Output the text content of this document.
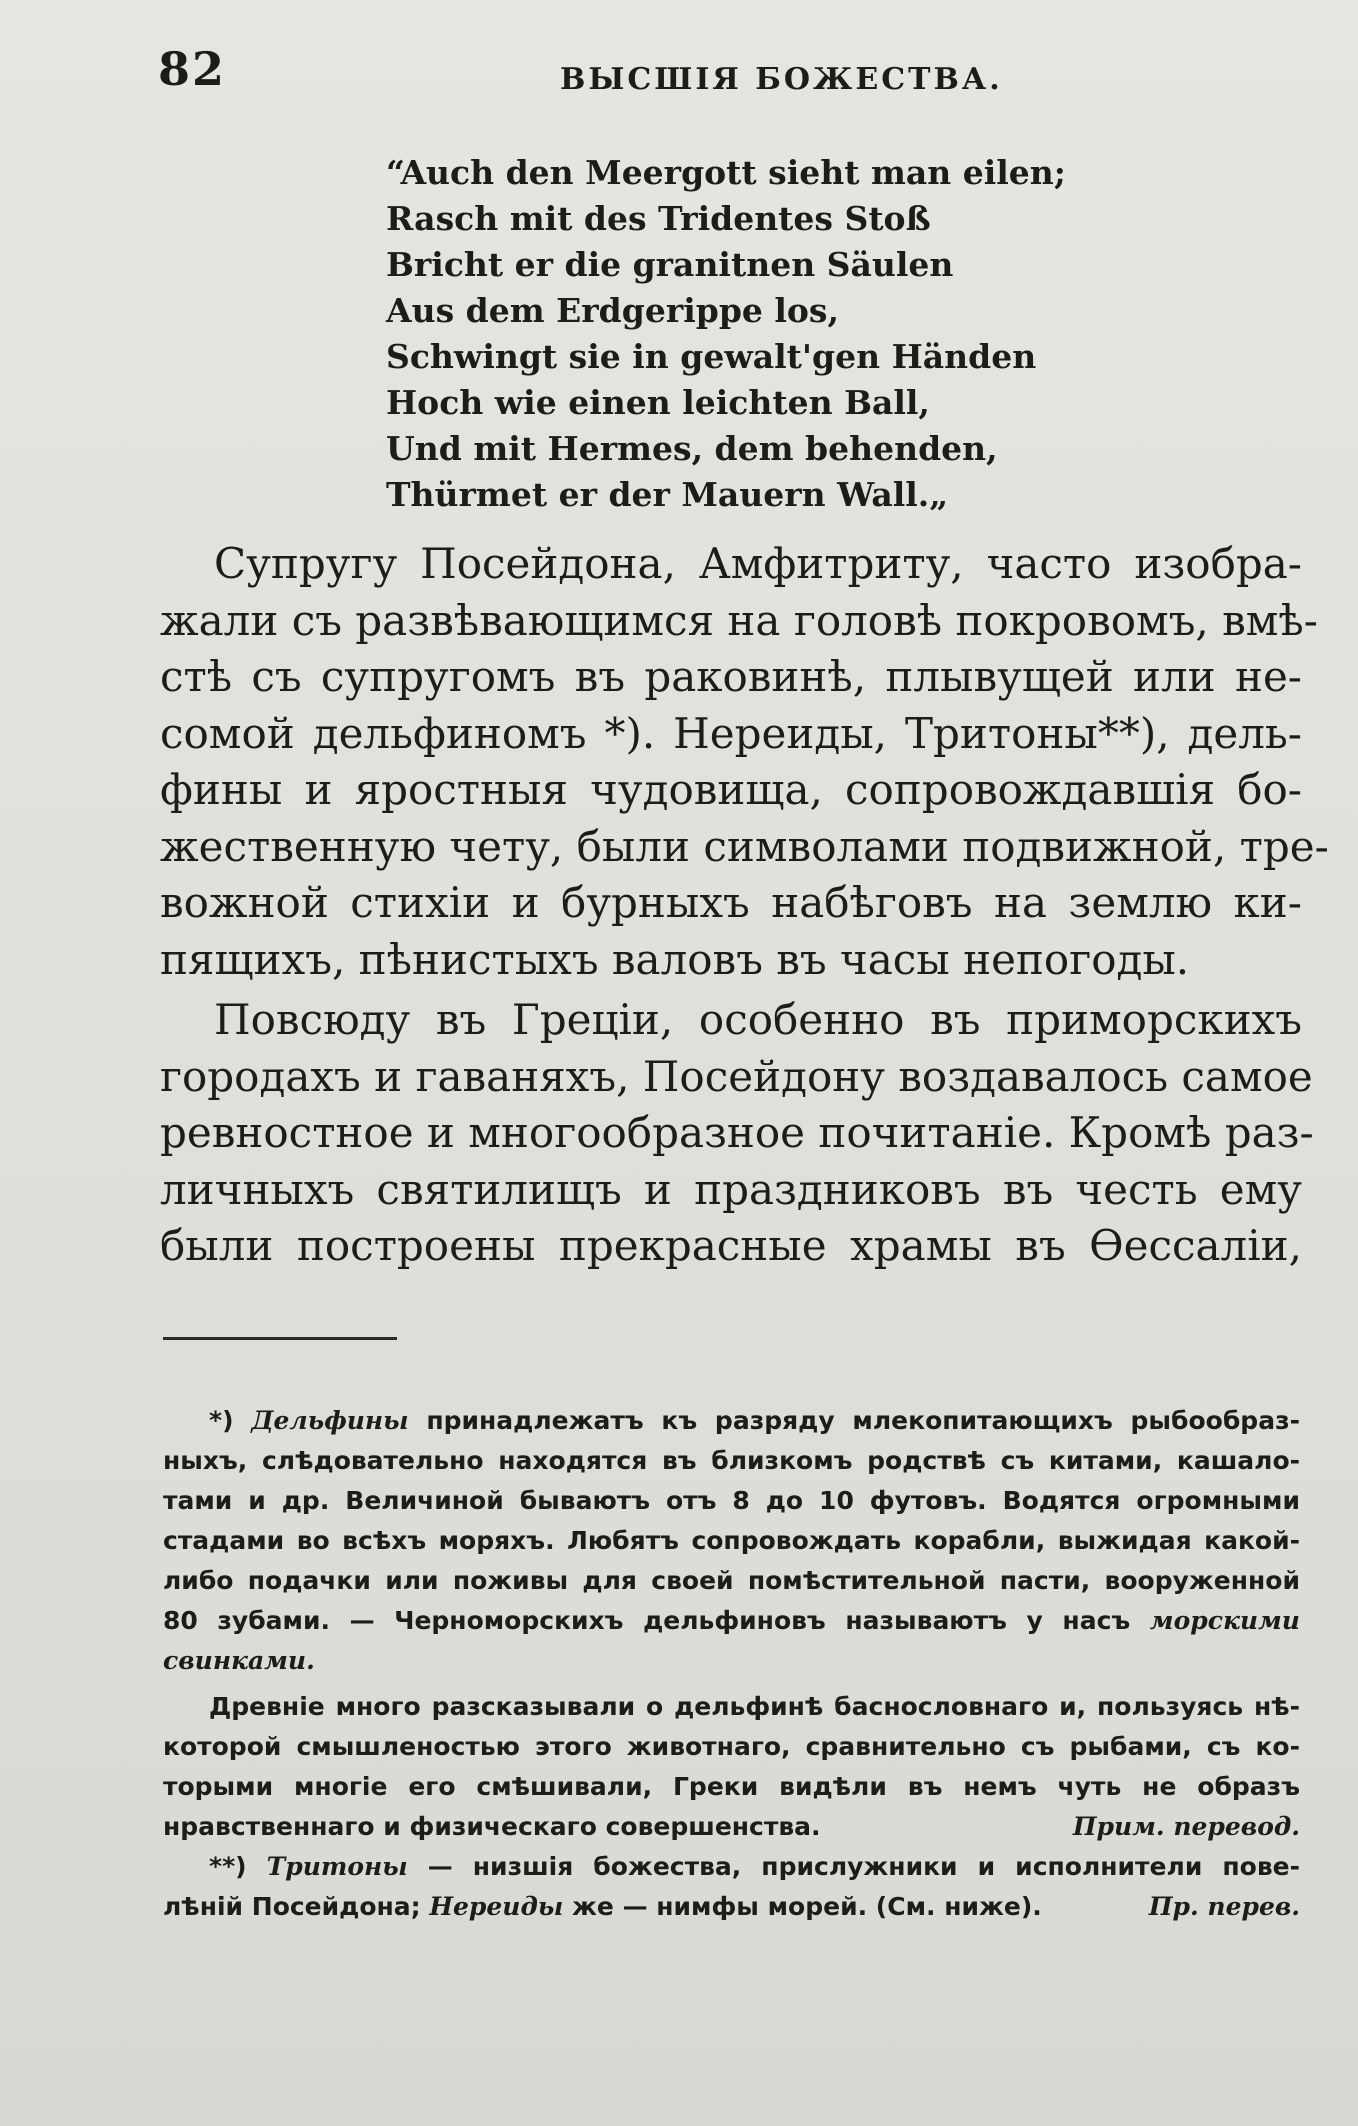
82	ВЫСШІЯ БОЖЕСТВА.
“Auch den Meergott sieht man eilen;
Rasch mit des Tridentes Stoß
Bricht er die granitnen Säulen
Aus dem Erdgerippe los,
Schwingt sie in gewalt'gen Händen
Hoch wie einen leichten Ball,
Und mit Hermes, dem behenden,
Thürmet er der Mauern Wall.„
Супругу Посейдона, Амфитриту, часто изобра-
жали съ развѣвающимся на головѣ покровомъ, вмѣ-
стѣ съ супругомъ въ раковинѣ, плывущей или не-
сомой дельфиномъ *). Нереиды, Тритоны**), дель-
фины и яростныя чудовища, сопровождавшія бо-
жественную чету, были символами подвижной, тре-
вожной стихіи и бурныхъ набѣговъ на землю ки-
пящихъ, пѣнистыхъ валовъ въ часы непогоды.
Повсюду въ Греціи, особенно въ приморскихъ
городахъ и гаваняхъ, Посейдону воздавалось самое
ревностное и многообразное почитаніе. Кромѣ раз-
личныхъ святилищъ и праздниковъ въ честь ему
были построены прекрасные храмы въ Ѳессаліи,
*) Дельфины принадлежатъ къ разряду млекопитающихъ рыбообраз-
ныхъ, слѣдовательно находятся въ близкомъ родствѣ съ китами, кашало-
тами и др. Величиной бываютъ отъ 8 до 10 футовъ. Водятся огромными
стадами во всѣхъ моряхъ. Любятъ сопровождать корабли, выжидая какой-
либо подачки или поживы для своей помѣстительной пасти, вооруженной
80 зубами. — Черноморскихъ дельфиновъ называютъ у насъ морскими
свинками.
Древніе много разсказывали о дельфинѣ баснословнаго и, пользуясь нѣ-
которой смышленостью этого животнаго, сравнительно съ рыбами, съ ко-
торыми многіе его смѣшивали, Греки видѣли въ немъ чуть не образъ
нравственнаго и физическаго совершенства.	Прим. перевод.
**) Тритоны — низшія божества, прислужники и исполнители пове-
лѣній Посейдона; Нереиды же — нимфы морей. (См. ниже).	Пр. перев.
